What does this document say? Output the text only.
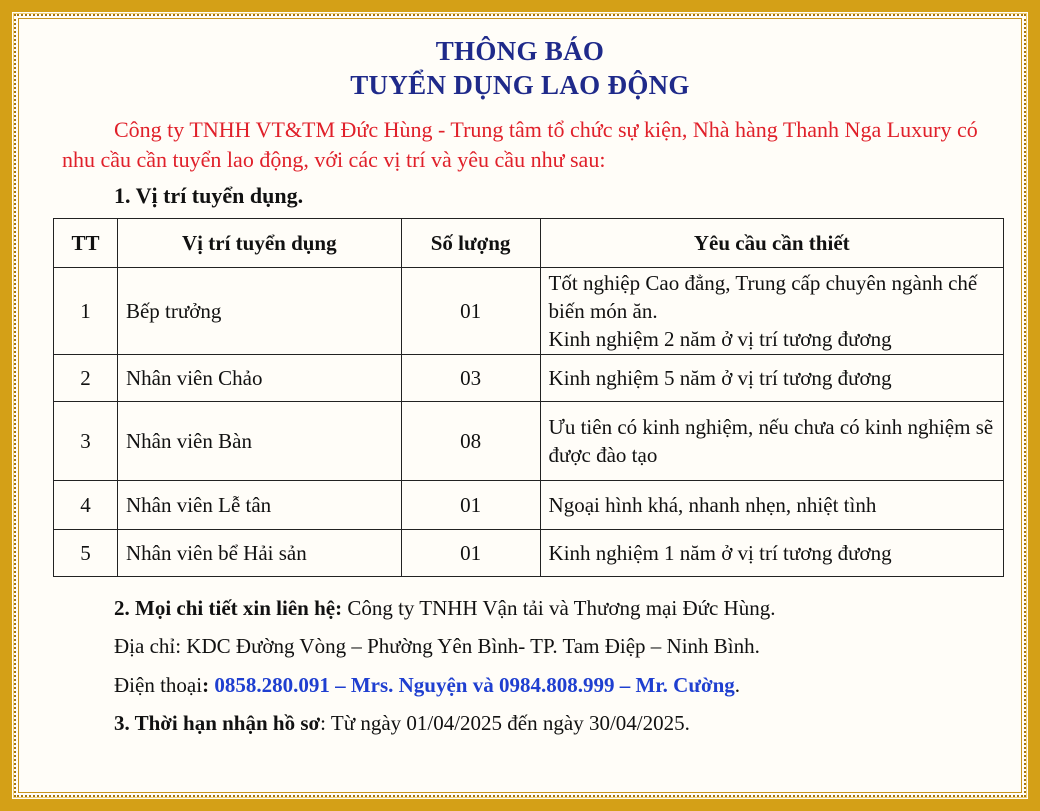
THÔNG BÁO
TUYỂN DỤNG LAO ĐỘNG
Công ty TNHH VT&TM Đức Hùng - Trung tâm tổ chức sự kiện, Nhà hàng Thanh Nga Luxury có nhu cầu cần tuyển lao động, với các vị trí và yêu cầu như sau:
1. Vị trí tuyển dụng.
TT	Vị trí tuyển dụng	Số lượng	Yêu cầu cần thiết
1	Bếp trưởng	01	Tốt nghiệp Cao đẳng, Trung cấp chuyên ngành chế biến món ăn.
Kinh nghiệm 2 năm ở vị trí tương đương

2	Nhân viên Chảo	03	Kinh nghiệm 5 năm ở vị trí tương đương

3	Nhân viên Bàn	08	Ưu tiên có kinh nghiệm, nếu chưa có kinh nghiệm sẽ được đào tạo

4	Nhân viên Lễ tân	01	Ngoại hình khá, nhanh nhẹn, nhiệt tình

5	Nhân viên bể Hải sản	01	Kinh nghiệm 1 năm ở vị trí tương đương
2. Mọi chi tiết xin liên hệ: Công ty TNHH Vận tải và Thương mại Đức Hùng.
Địa chỉ: KDC Đường Vòng – Phường Yên Bình- TP. Tam Điệp – Ninh Bình.
Điện thoại: 0858.280.091 – Mrs. Nguyện và 0984.808.999 – Mr. Cường.
3. Thời hạn nhận hồ sơ: Từ ngày 01/04/2025 đến ngày 30/04/2025.
